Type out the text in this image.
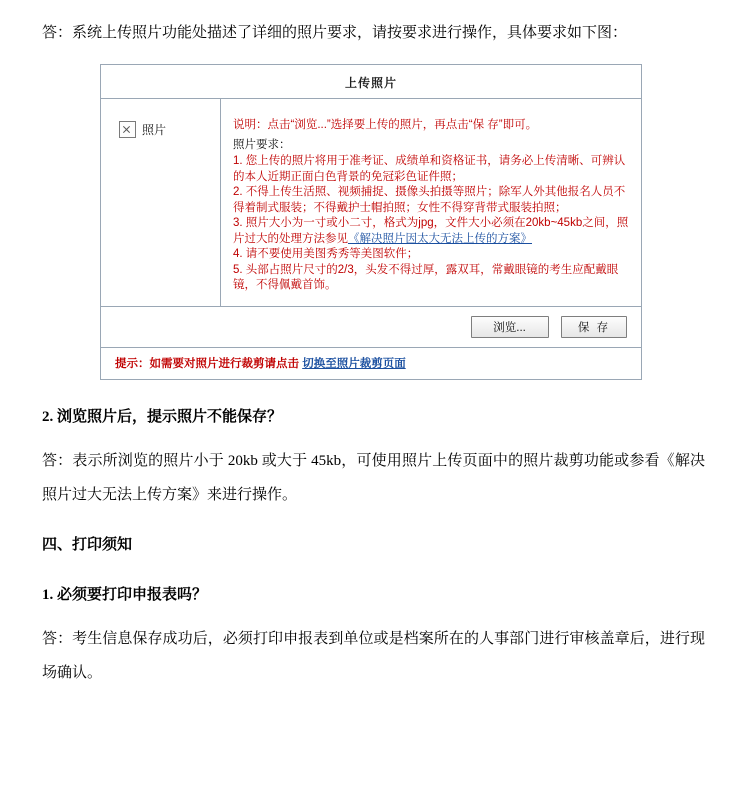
答：系统上传照片功能处描述了详细的照片要求，请按要求进行操作，具体要求如下图：

上传照片
照片	说明：点击“浏览...”选择要上传的照片，再点击“保 存”即可。
照片要求：
1. 您上传的照片将用于准考证、成绩单和资格证书，请务必上传清晰、可辨认的本人近期正面白色背景的免冠彩色证件照；
2. 不得上传生活照、视频捕捉、摄像头拍摄等照片；除军人外其他报名人员不得着制式服装；不得戴护士帽拍照；女性不得穿背带式服装拍照；
3. 照片大小为一寸或小二寸，格式为jpg，文件大小必须在20kb~45kb之间，照片过大的处理方法参见《解决照片因太大无法上传的方案》
4. 请不要使用美图秀秀等美图软件；
5. 头部占照片尺寸的2/3，头发不得过厚，露双耳，常戴眼镜的考生应配戴眼镜，不得佩戴首饰。
浏览...	保 存
提示：如需要对照片进行裁剪请点击 切换至照片裁剪页面

2. 浏览照片后，提示照片不能保存？

答：表示所浏览的照片小于 20kb 或大于 45kb，可使用照片上传页面中的照片裁剪功能或参看《解决照片过大无法上传方案》来进行操作。

四、打印须知

1. 必须要打印申报表吗？

答：考生信息保存成功后，必须打印申报表到单位或是档案所在的人事部门进行审核盖章后，进行现场确认。
